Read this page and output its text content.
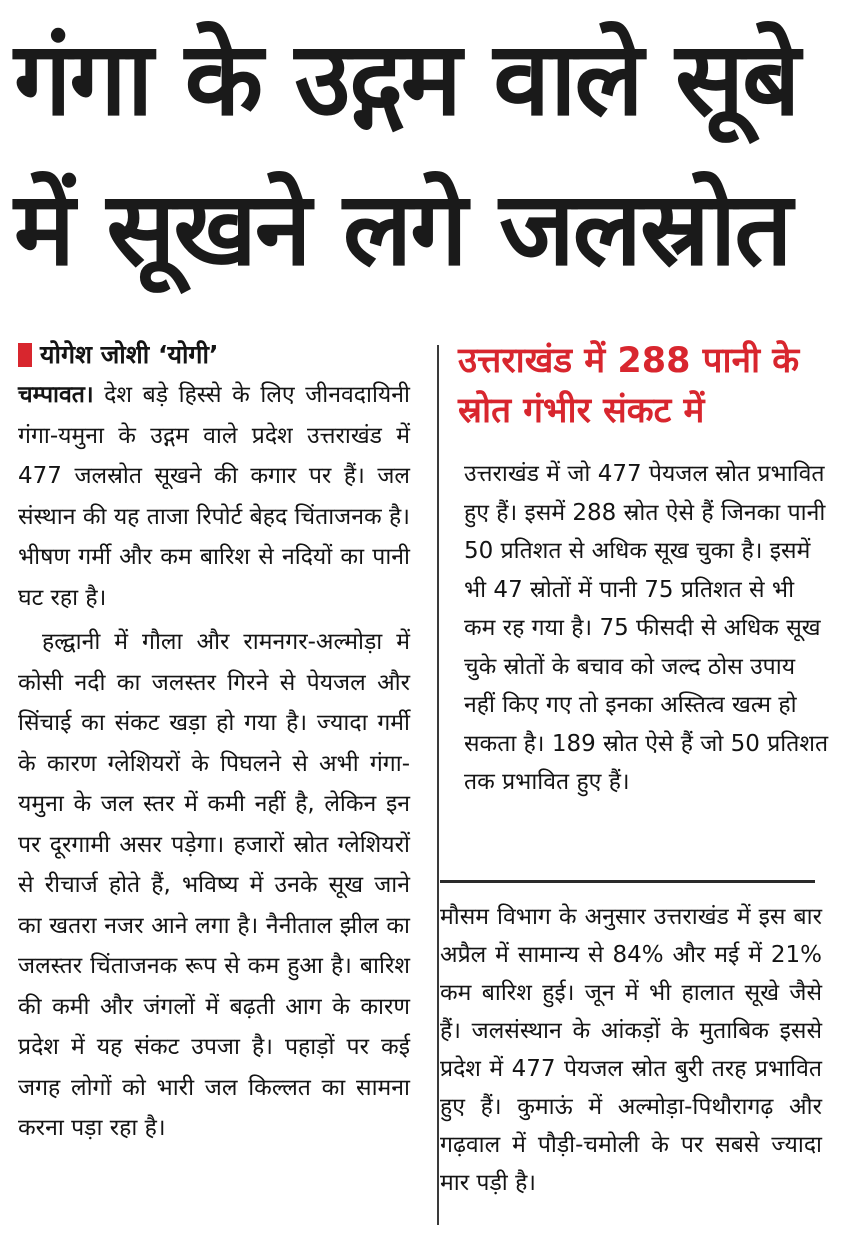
गंगा के उद्गम वाले सूबे
में सूखने लगे जलस्रोत
योगेश जोशी ‘योगी’

चम्पावत। देश बड़े हिस्से के लिए जीनवदायिनी गंगा-यमुना के उद्गम वाले प्रदेश उत्तराखंड में 477 जलस्रोत सूखने की कगार पर हैं। जल संस्थान की यह ताजा रिपोर्ट बेहद चिंताजनक है। भीषण गर्मी और कम बारिश से नदियों का पानी घट रहा है।

हल्द्वानी में गौला और रामनगर-अल्मोड़ा में कोसी नदी का जलस्तर गिरने से पेयजल और सिंचाई का संकट खड़ा हो गया है। ज्यादा गर्मी के कारण ग्लेशियरों के पिघलने से अभी गंगा-यमुना के जल स्तर में कमी नहीं है, लेकिन इन पर दूरगामी असर पड़ेगा। हजारों स्रोत ग्लेशियरों से रीचार्ज होते हैं, भविष्य में उनके सूख जाने का खतरा नजर आने लगा है। नैनीताल झील का जलस्तर चिंताजनक रूप से कम हुआ है। बारिश की कमी और जंगलों में बढ़ती आग के कारण प्रदेश में यह संकट उपजा है। पहाड़ों पर कई जगह लोगों को भारी जल किल्लत का सामना करना पड़ा रहा है।

उत्तराखंड में 288 पानी के स्रोत गंभीर संकट में

उत्तराखंड में जो 477 पेयजल स्रोत प्रभावित हुए हैं। इसमें 288 स्रोत ऐसे हैं जिनका पानी 50 प्रतिशत से अधिक सूख चुका है। इसमें भी 47 स्रोतों में पानी 75 प्रतिशत से भी कम रह गया है। 75 फीसदी से अधिक सूख चुके स्रोतों के बचाव को जल्द ठोस उपाय नहीं किए गए तो इनका अस्तित्व खत्म हो सकता है। 189 स्रोत ऐसे हैं जो 50 प्रतिशत तक प्रभावित हुए हैं।

मौसम विभाग के अनुसार उत्तराखंड में इस बार अप्रैल में सामान्य से 84% और मई में 21% कम बारिश हुई। जून में भी हालात सूखे जैसे हैं। जलसंस्थान के आंकड़ों के मुताबिक इससे प्रदेश में 477 पेयजल स्रोत बुरी तरह प्रभावित हुए हैं। कुमाऊं में अल्मोड़ा-पिथौरागढ़ और गढ़वाल में पौड़ी-चमोली के पर सबसे ज्यादा मार पड़ी है।
